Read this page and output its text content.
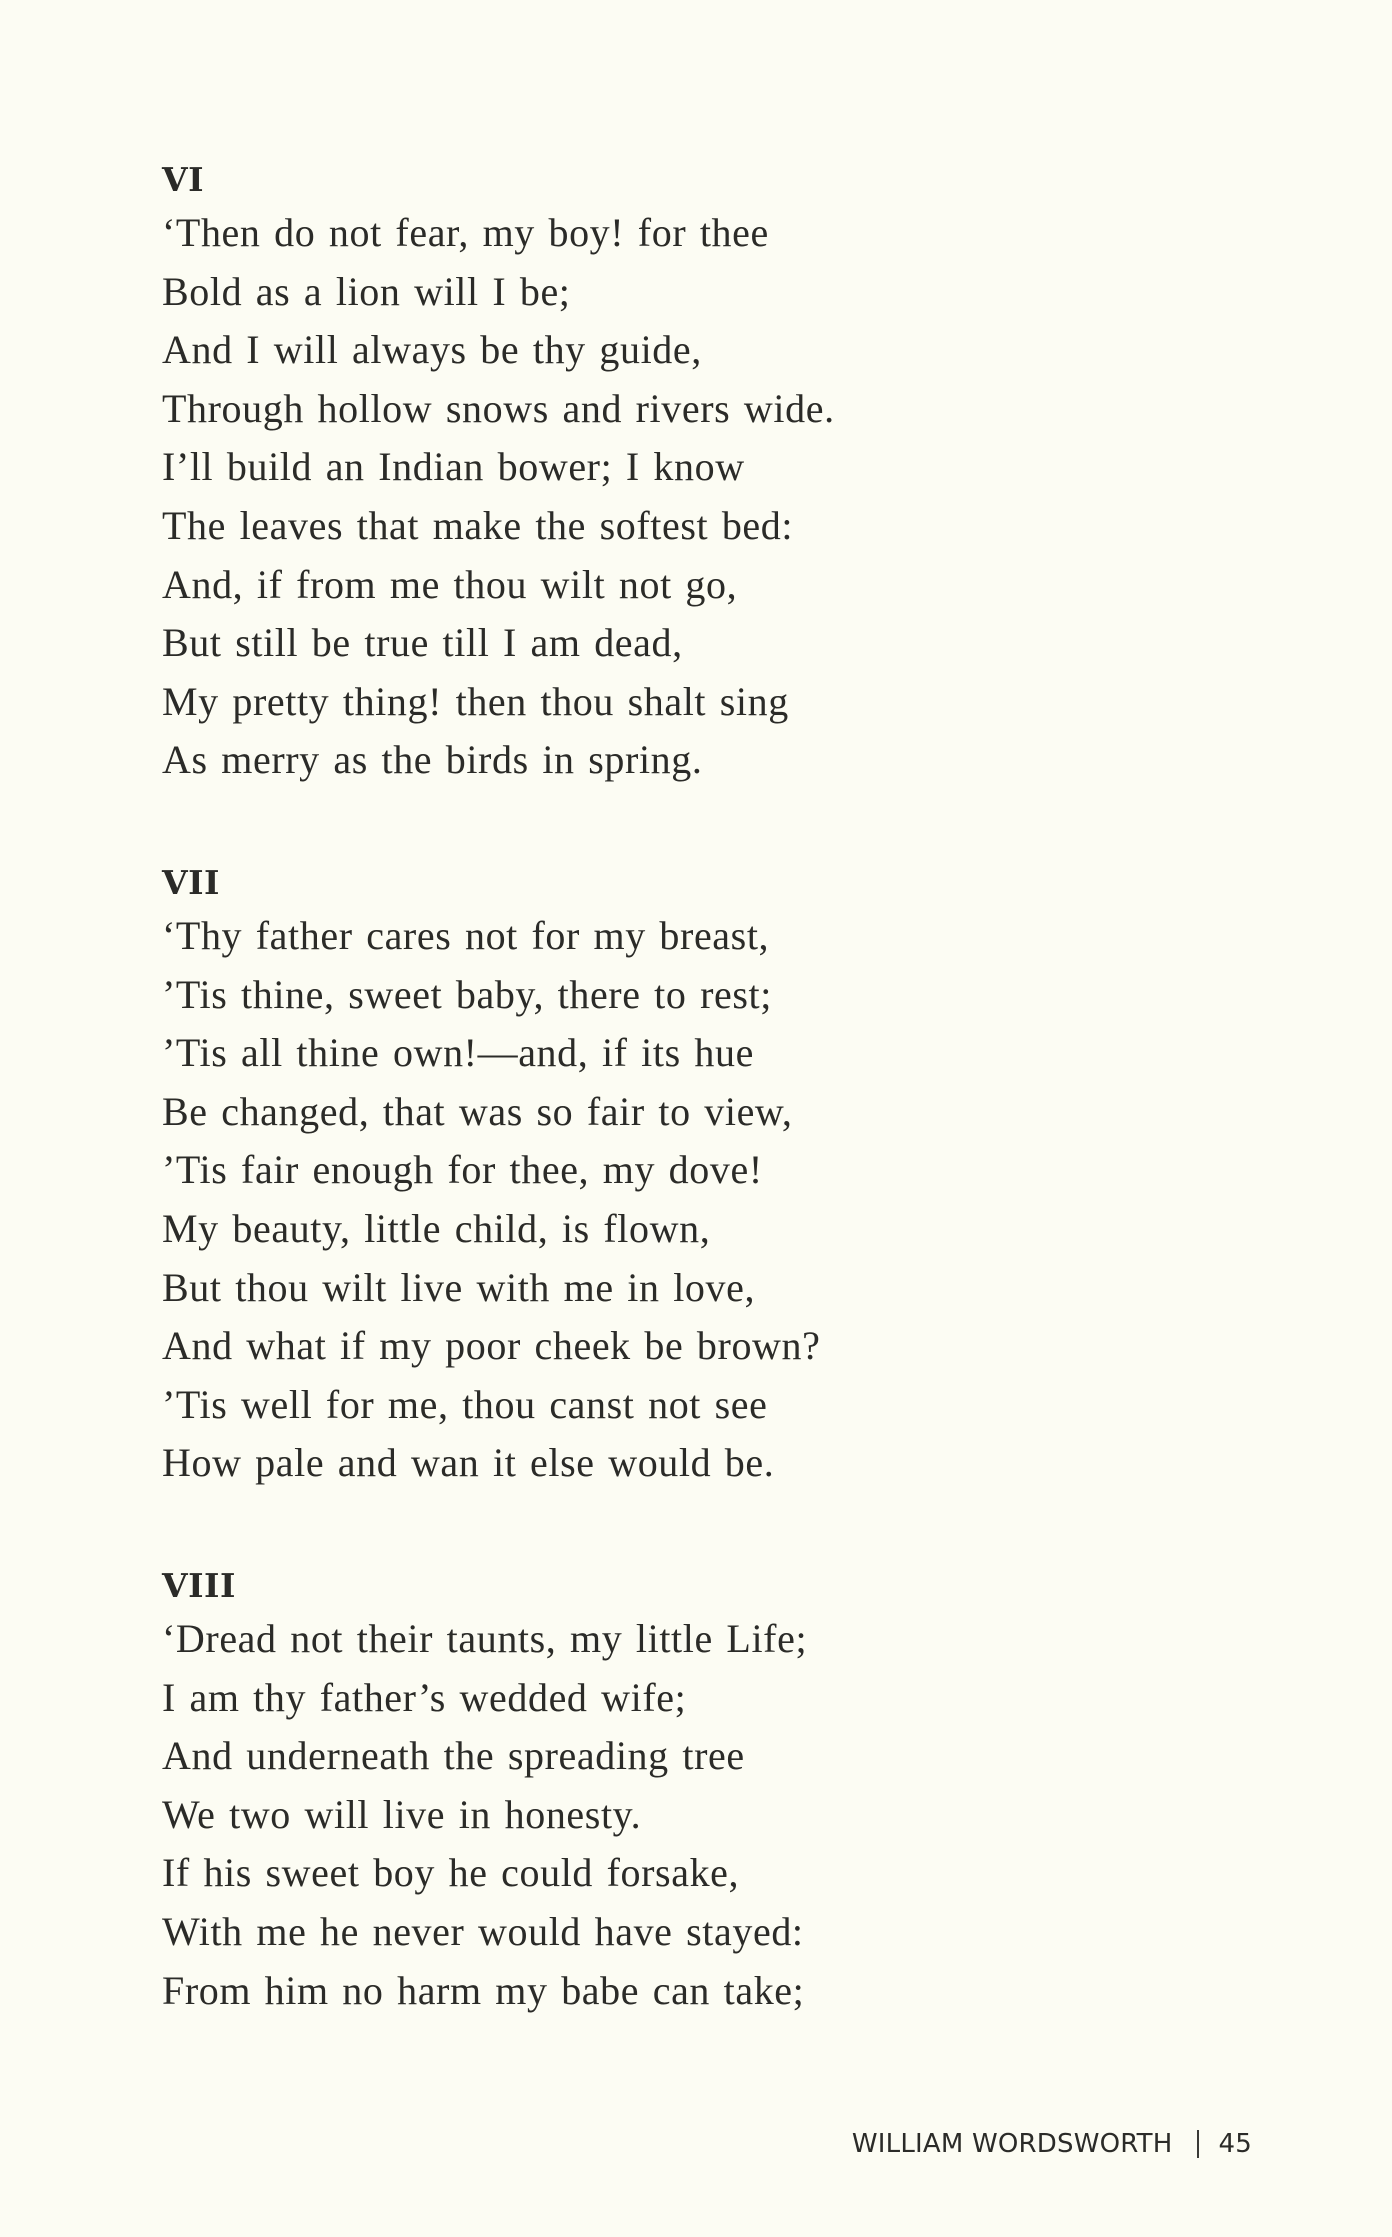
VI
‘Then do not fear, my boy! for thee
Bold as a lion will I be;
And I will always be thy guide,
Through hollow snows and rivers wide.
I’ll build an Indian bower; I know
The leaves that make the softest bed:
And, if from me thou wilt not go,
But still be true till I am dead,
My pretty thing! then thou shalt sing
As merry as the birds in spring.
VII
‘Thy father cares not for my breast,
’Tis thine, sweet baby, there to rest;
’Tis all thine own!—and, if its hue
Be changed, that was so fair to view,
’Tis fair enough for thee, my dove!
My beauty, little child, is flown,
But thou wilt live with me in love,
And what if my poor cheek be brown?
’Tis well for me, thou canst not see
How pale and wan it else would be.
VIII
‘Dread not their taunts, my little Life;
I am thy father’s wedded wife;
And underneath the spreading tree
We two will live in honesty.
If his sweet boy he could forsake,
With me he never would have stayed:
From him no harm my babe can take;
WILLIAM WORDSWORTH 45
